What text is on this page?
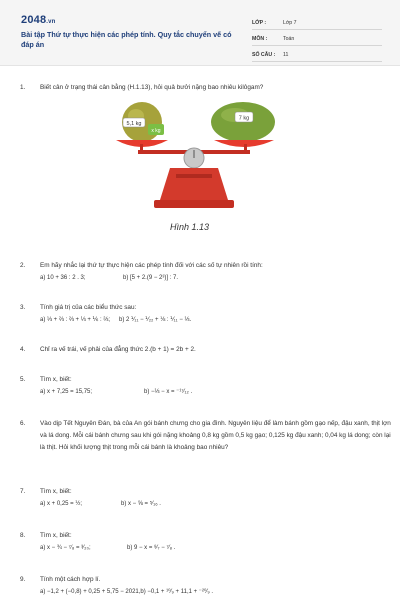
2048.vn
Bài tập Thứ tự thực hiện các phép tính. Quy tắc chuyển vế có đáp án
LỚP :	Lớp 7
MÔN :	Toán
SỐ CÂU :	11
1.	Biết cân ở trạng thái cân bằng (H.1.13), hỏi quả bưởi nặng bao nhiêu kilôgam?
2.	Em hãy nhắc lại thứ tự thực hiện các phép tính đối với các số tự nhiên rồi tính:
a) 10 + 36 : 2 . 3;	b) [5 + 2.(9 − 2³)] : 7.
3.	Tính giá trị của các biểu thức sau:
a) ⅓ + ⅔ : ⅔ + ⅓ + ⅙ : ⅔; b) 2 ⅟₁₁ − ⅟₂₂ + ⅛ : ⅟₁₁ − ⅓.
4.	Chỉ ra vế trái, vế phải của đẳng thức 2.(b + 1) = 2b + 2.
5.	Tìm x, biết:
a) x + 7,25 = 15,75;	b) −⅓ − x = ⁻¹⁷⁄₁₂ .
6.	Vào dịp Tết Nguyên Đán, bà của An gói bánh chưng cho gia đình. Nguyên liệu để làm bánh gồm gạo nếp, đậu xanh, thịt lợn và lá dong. Mỗi cái bánh chưng sau khi gói nặng khoảng 0,8 kg gồm 0,5 kg gạo; 0,125 kg đậu xanh; 0,04 kg lá dong; còn lại là thịt. Hỏi khối lượng thịt trong mỗi cái bánh là khoảng bao nhiêu?
7.	Tìm x, biết:
a) x + 0,25 = ½;	b) x − ⅝ = ⁵⁄₁₆ .
8.	Tìm x, biết:
a) x − ¾ − ⁷⁄₈ = ³⁄₂₀;	b) 9 − x = ⁸⁄₇ − ⁷⁄₈ .
9.	Tính một cách hợp lí.
a) −1,2 + (−0,8) + 0,25 + 5,75 − 2021,b) −0,1 + ¹⁰⁄₉ + 11,1 + ⁻²⁰⁄₉ .
5,1 kg
x kg
7 kg
Hình 1.13
